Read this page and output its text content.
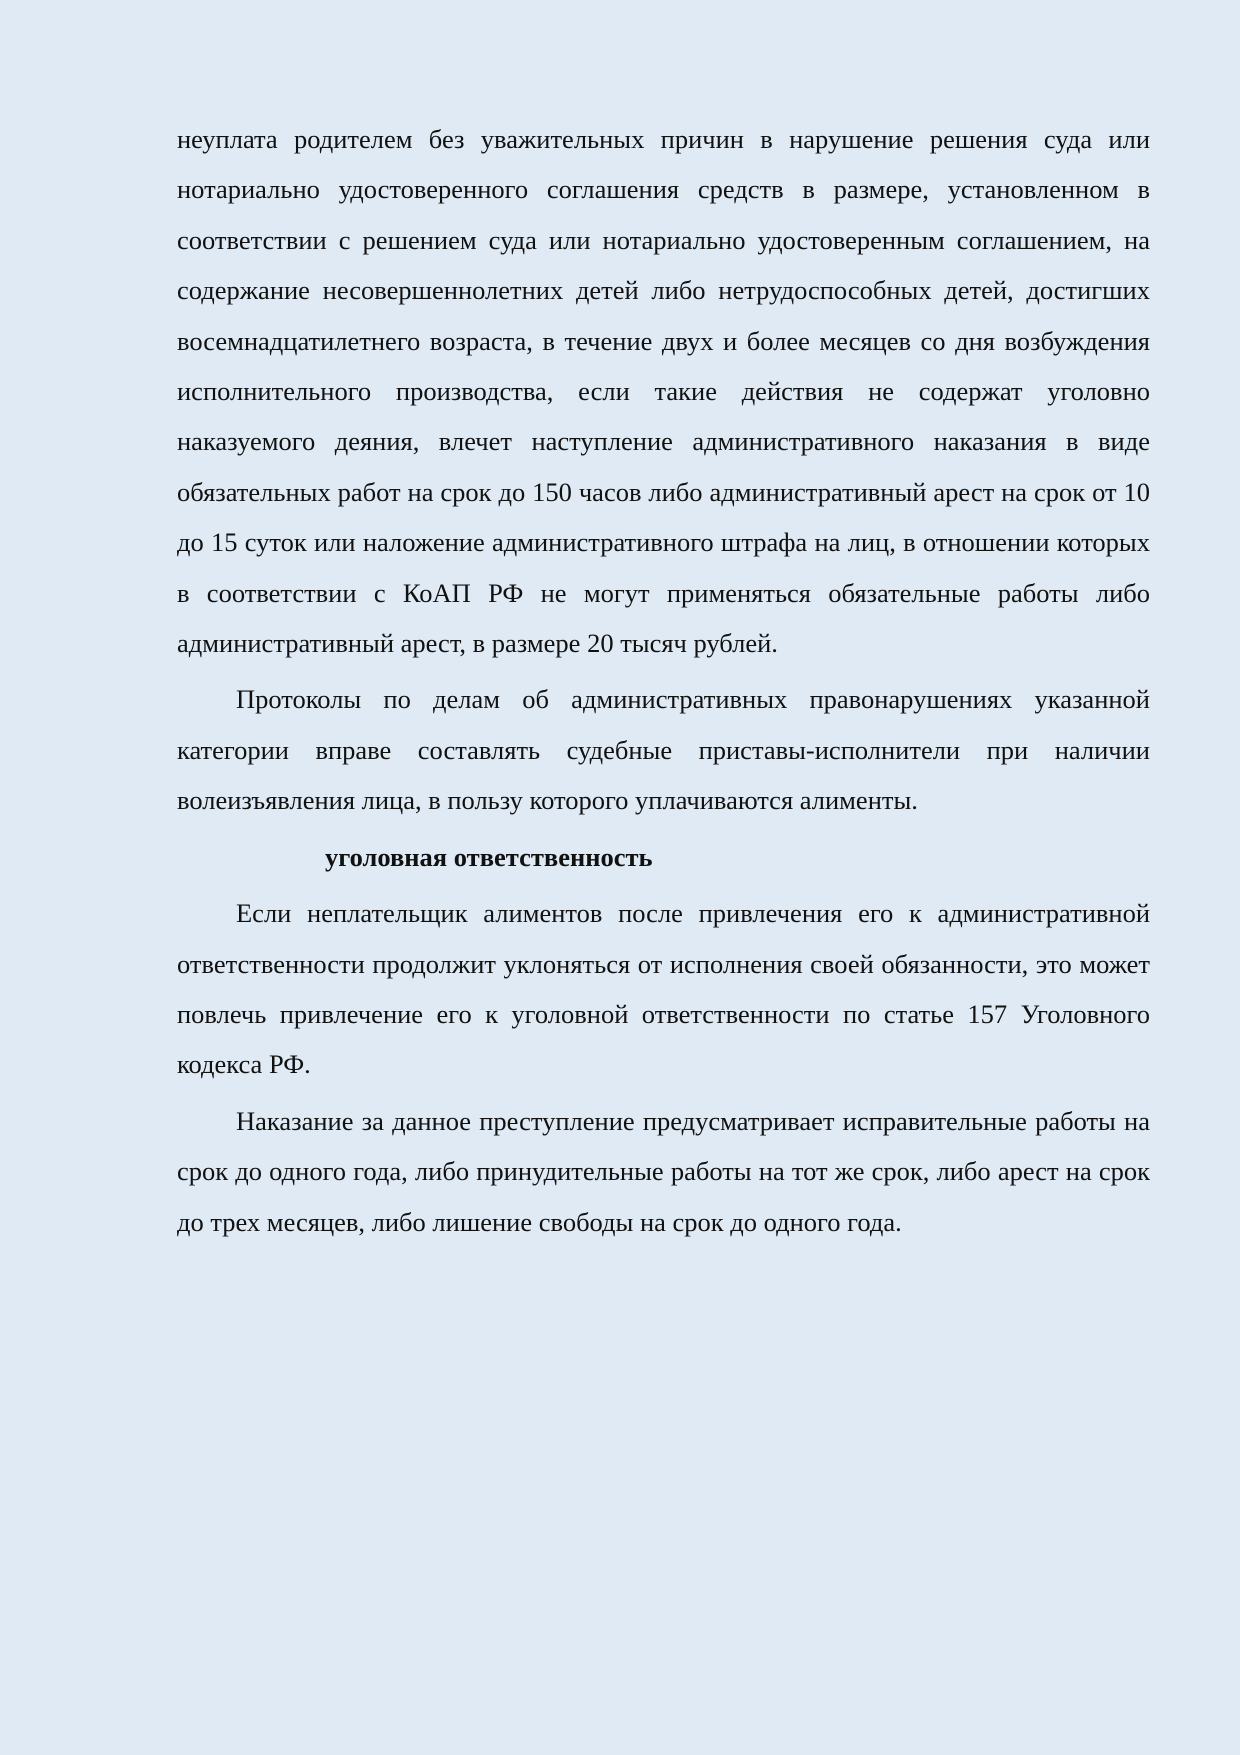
неуплата родителем без уважительных причин в нарушение решения суда или нотариально удостоверенного соглашения средств в размере, установленном в соответствии с решением суда или нотариально удостоверенным соглашением, на содержание несовершеннолетних детей либо нетрудоспособных детей, достигших восемнадцатилетнего возраста, в течение двух и более месяцев со дня возбуждения исполнительного производства, если такие действия не содержат уголовно наказуемого деяния, влечет наступление административного наказания в виде обязательных работ на срок до 150 часов либо административный арест на срок от 10 до 15 суток или наложение административного штрафа на лиц, в отношении которых в соответствии с КоАП РФ не могут применяться обязательные работы либо административный арест, в размере 20 тысяч рублей.

Протоколы по делам об административных правонарушениях указанной категории вправе составлять судебные приставы-исполнители при наличии волеизъявления лица, в пользу которого уплачиваются алименты.

уголовная ответственность

Если неплательщик алиментов после привлечения его к административной ответственности продолжит уклоняться от исполнения своей обязанности, это может повлечь привлечение его к уголовной ответственности по статье 157 Уголовного кодекса РФ.

Наказание за данное преступление предусматривает исправительные работы на срок до одного года, либо принудительные работы на тот же срок, либо арест на срок до трех месяцев, либо лишение свободы на срок до одного года.
